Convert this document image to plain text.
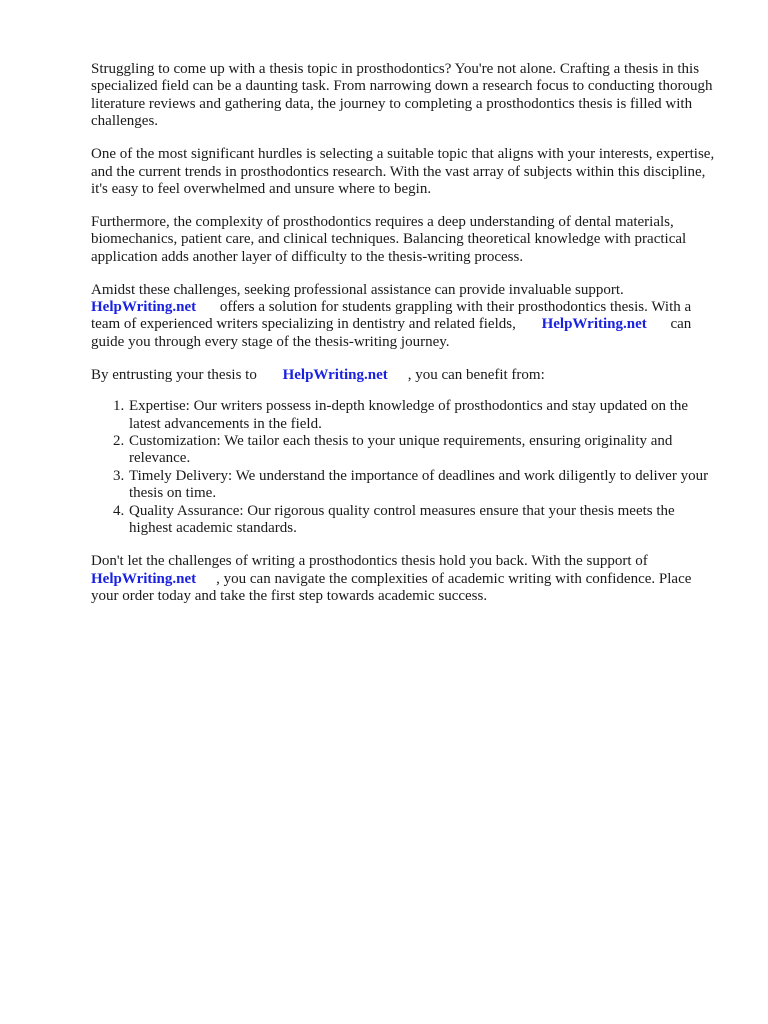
Struggling to come up with a thesis topic in prosthodontics? You're not alone. Crafting a thesis in this specialized field can be a daunting task. From narrowing down a research focus to conducting thorough literature reviews and gathering data, the journey to completing a prosthodontics thesis is filled with challenges.

One of the most significant hurdles is selecting a suitable topic that aligns with your interests, expertise, and the current trends in prosthodontics research. With the vast array of subjects within this discipline, it's easy to feel overwhelmed and unsure where to begin.

Furthermore, the complexity of prosthodontics requires a deep understanding of dental materials, biomechanics, patient care, and clinical techniques. Balancing theoretical knowledge with practical application adds another layer of difficulty to the thesis-writing process.

Amidst these challenges, seeking professional assistance can provide invaluable support.
HelpWriting.net offers a solution for students grappling with their prosthodontics thesis. With a team of experienced writers specializing in dentistry and related fields, HelpWriting.net can guide you through every stage of the thesis-writing journey.

By entrusting your thesis to HelpWriting.net , you can benefit from:

1. Expertise: Our writers possess in-depth knowledge of prosthodontics and stay updated on the latest advancements in the field.
2. Customization: We tailor each thesis to your unique requirements, ensuring originality and relevance.
3. Timely Delivery: We understand the importance of deadlines and work diligently to deliver your thesis on time.
4. Quality Assurance: Our rigorous quality control measures ensure that your thesis meets the highest academic standards.

Don't let the challenges of writing a prosthodontics thesis hold you back. With the support of
HelpWriting.net , you can navigate the complexities of academic writing with confidence. Place your order today and take the first step towards academic success.
